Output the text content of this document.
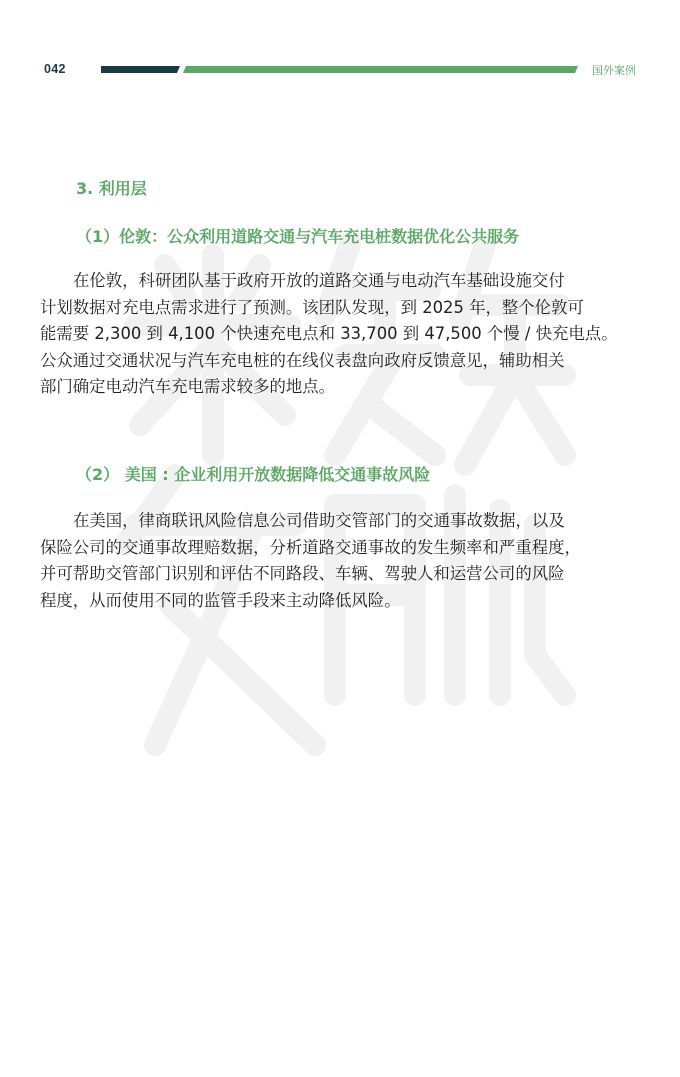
042	国外案例
3. 利用层
（1）伦敦：公众利用道路交通与汽车充电桩数据优化公共服务
在伦敦，科研团队基于政府开放的道路交通与电动汽车基础设施交付
计划数据对充电点需求进行了预测。该团队发现，到 2025 年，整个伦敦可
能需要 2,300 到 4,100 个快速充电点和 33,700 到 47,500 个慢 / 快充电点。
公众通过交通状况与汽车充电桩的在线仪表盘向政府反馈意见，辅助相关
部门确定电动汽车充电需求较多的地点。
（2） 美国 : 企业利用开放数据降低交通事故风险
在美国，律商联讯风险信息公司借助交管部门的交通事故数据，以及
保险公司的交通事故理赔数据，分析道路交通事故的发生频率和严重程度，
并可帮助交管部门识别和评估不同路段、车辆、驾驶人和运营公司的风险
程度，从而使用不同的监管手段来主动降低风险。
